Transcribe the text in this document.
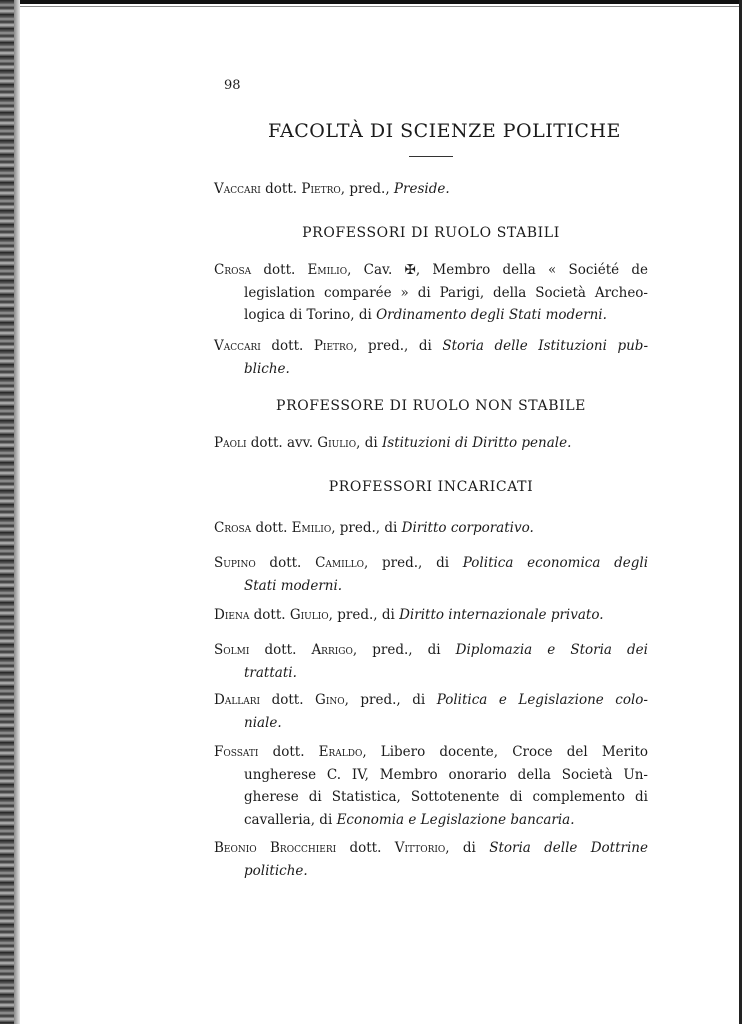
98
FACOLTÀ DI SCIENZE POLITICHE

Vaccari dott. Pietro, pred., Preside.

PROFESSORI DI RUOLO STABILI

Crosa dott. Emilio, Cav. ✠, Membro della « Société de

legislation comparée » di Parigi, della Società Archeo-

logica di Torino, di Ordinamento degli Stati moderni.

Vaccari dott. Pietro, pred., di Storia delle Istituzioni pub-

bliche.

PROFESSORE DI RUOLO NON STABILE

Paoli dott. avv. Giulio, di Istituzioni di Diritto penale.

PROFESSORI INCARICATI

Crosa dott. Emilio, pred., di Diritto corporativo.

Supino dott. Camillo, pred., di Politica economica degli

Stati moderni.

Diena dott. Giulio, pred., di Diritto internazionale privato.

Solmi dott. Arrigo, pred., di Diplomazia e Storia dei

trattati.

Dallari dott. Gino, pred., di Politica e Legislazione colo-

niale.

Fossati dott. Eraldo, Libero docente, Croce del Merito

ungherese C. IV, Membro onorario della Società Un-

gherese di Statistica, Sottotenente di complemento di

cavalleria, di Economia e Legislazione bancaria.

Beonio Brocchieri dott. Vittorio, di Storia delle Dottrine

politiche.
